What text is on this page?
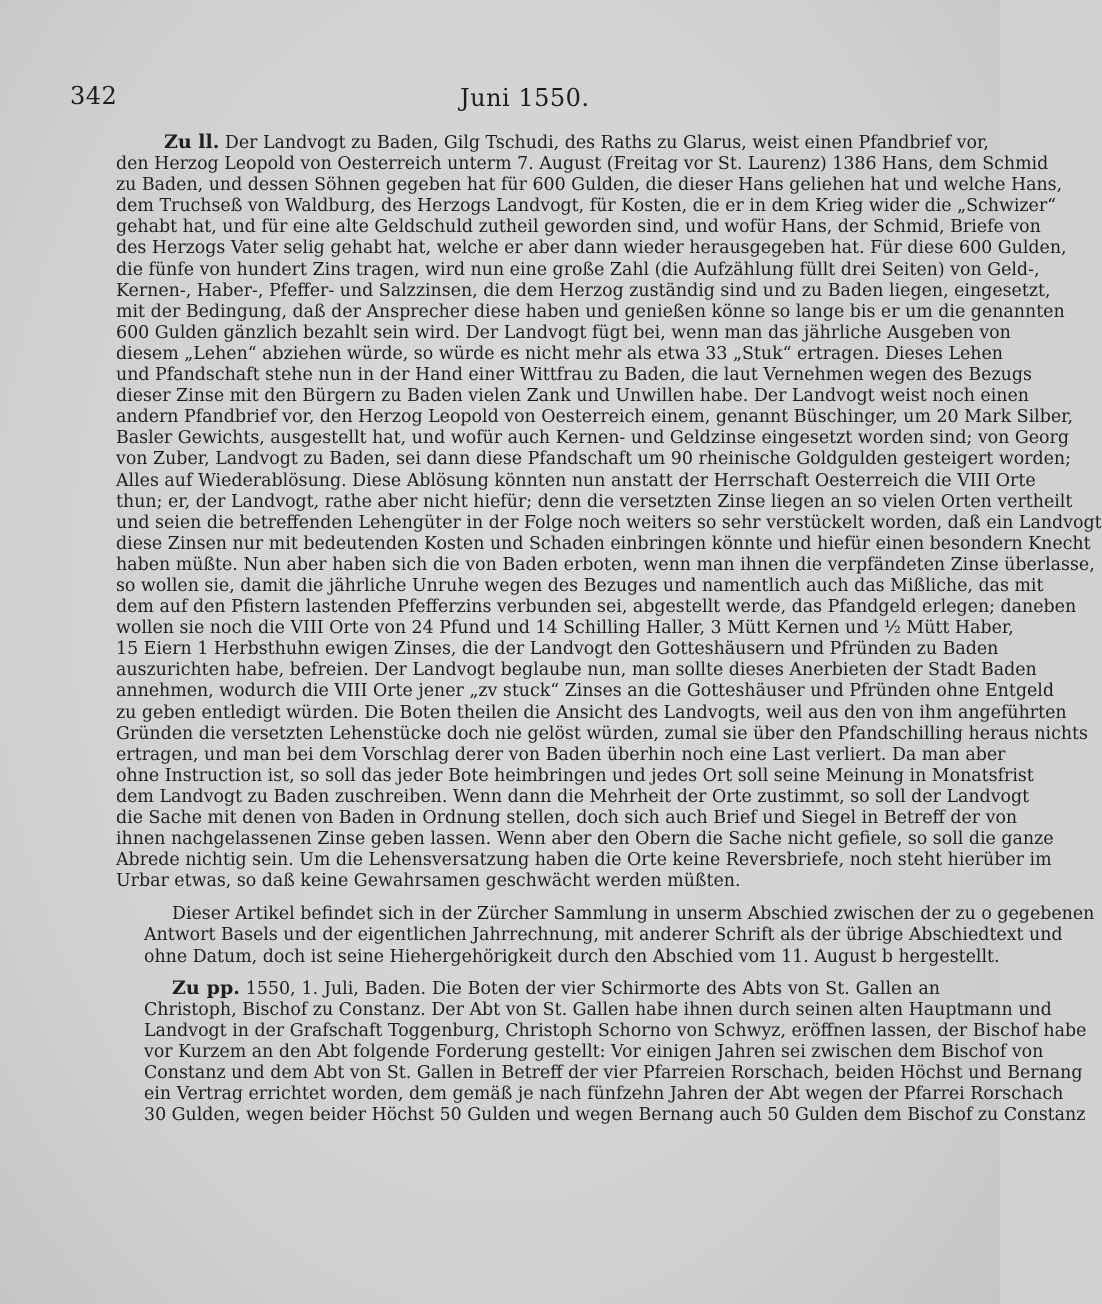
342	Juni 1550.
Zu ll. Der Landvogt zu Baden, Gilg Tschudi, des Raths zu Glarus, weist einen Pfandbrief vor,
den Herzog Leopold von Oesterreich unterm 7. August (Freitag vor St. Laurenz) 1386 Hans, dem Schmid
zu Baden, und dessen Söhnen gegeben hat für 600 Gulden, die dieser Hans geliehen hat und welche Hans,
dem Truchseß von Waldburg, des Herzogs Landvogt, für Kosten, die er in dem Krieg wider die „Schwizer“
gehabt hat, und für eine alte Geldschuld zutheil geworden sind, und wofür Hans, der Schmid, Briefe von
des Herzogs Vater selig gehabt hat, welche er aber dann wieder herausgegeben hat. Für diese 600 Gulden,
die fünfe von hundert Zins tragen, wird nun eine große Zahl (die Aufzählung füllt drei Seiten) von Geld-,
Kernen-, Haber-, Pfeffer- und Salzzinsen, die dem Herzog zuständig sind und zu Baden liegen, eingesetzt,
mit der Bedingung, daß der Ansprecher diese haben und genießen könne so lange bis er um die genannten
600 Gulden gänzlich bezahlt sein wird. Der Landvogt fügt bei, wenn man das jährliche Ausgeben von
diesem „Lehen“ abziehen würde, so würde es nicht mehr als etwa 33 „Stuk“ ertragen. Dieses Lehen
und Pfandschaft stehe nun in der Hand einer Wittfrau zu Baden, die laut Vernehmen wegen des Bezugs
dieser Zinse mit den Bürgern zu Baden vielen Zank und Unwillen habe. Der Landvogt weist noch einen
andern Pfandbrief vor, den Herzog Leopold von Oesterreich einem, genannt Büschinger, um 20 Mark Silber,
Basler Gewichts, ausgestellt hat, und wofür auch Kernen- und Geldzinse eingesetzt worden sind; von Georg
von Zuber, Landvogt zu Baden, sei dann diese Pfandschaft um 90 rheinische Goldgulden gesteigert worden;
Alles auf Wiederablösung. Diese Ablösung könnten nun anstatt der Herrschaft Oesterreich die VIII Orte
thun; er, der Landvogt, rathe aber nicht hiefür; denn die versetzten Zinse liegen an so vielen Orten vertheilt
und seien die betreffenden Lehengüter in der Folge noch weiters so sehr verstückelt worden, daß ein Landvogt
diese Zinsen nur mit bedeutenden Kosten und Schaden einbringen könnte und hiefür einen besondern Knecht
haben müßte. Nun aber haben sich die von Baden erboten, wenn man ihnen die verpfändeten Zinse überlasse,
so wollen sie, damit die jährliche Unruhe wegen des Bezuges und namentlich auch das Mißliche, das mit
dem auf den Pfistern lastenden Pfefferzins verbunden sei, abgestellt werde, das Pfandgeld erlegen; daneben
wollen sie noch die VIII Orte von 24 Pfund und 14 Schilling Haller, 3 Mütt Kernen und ½ Mütt Haber,
15 Eiern 1 Herbsthuhn ewigen Zinses, die der Landvogt den Gotteshäusern und Pfründen zu Baden
auszurichten habe, befreien. Der Landvogt beglaube nun, man sollte dieses Anerbieten der Stadt Baden
annehmen, wodurch die VIII Orte jener „zv stuck“ Zinses an die Gotteshäuser und Pfründen ohne Entgeld
zu geben entledigt würden. Die Boten theilen die Ansicht des Landvogts, weil aus den von ihm angeführten
Gründen die versetzten Lehenstücke doch nie gelöst würden, zumal sie über den Pfandschilling heraus nichts
ertragen, und man bei dem Vorschlag derer von Baden überhin noch eine Last verliert. Da man aber
ohne Instruction ist, so soll das jeder Bote heimbringen und jedes Ort soll seine Meinung in Monatsfrist
dem Landvogt zu Baden zuschreiben. Wenn dann die Mehrheit der Orte zustimmt, so soll der Landvogt
die Sache mit denen von Baden in Ordnung stellen, doch sich auch Brief und Siegel in Betreff der von
ihnen nachgelassenen Zinse geben lassen. Wenn aber den Obern die Sache nicht gefiele, so soll die ganze
Abrede nichtig sein. Um die Lehensversatzung haben die Orte keine Reversbriefe, noch steht hierüber im
Urbar etwas, so daß keine Gewahrsamen geschwächt werden müßten.
Dieser Artikel befindet sich in der Zürcher Sammlung in unserm Abschied zwischen der zu o gegebenen
Antwort Basels und der eigentlichen Jahrrechnung, mit anderer Schrift als der übrige Abschiedtext und
ohne Datum, doch ist seine Hiehergehörigkeit durch den Abschied vom 11. August b hergestellt.
Zu pp. 1550, 1. Juli, Baden. Die Boten der vier Schirmorte des Abts von St. Gallen an
Christoph, Bischof zu Constanz. Der Abt von St. Gallen habe ihnen durch seinen alten Hauptmann und
Landvogt in der Grafschaft Toggenburg, Christoph Schorno von Schwyz, eröffnen lassen, der Bischof habe
vor Kurzem an den Abt folgende Forderung gestellt: Vor einigen Jahren sei zwischen dem Bischof von
Constanz und dem Abt von St. Gallen in Betreff der vier Pfarreien Rorschach, beiden Höchst und Bernang
ein Vertrag errichtet worden, dem gemäß je nach fünfzehn Jahren der Abt wegen der Pfarrei Rorschach
30 Gulden, wegen beider Höchst 50 Gulden und wegen Bernang auch 50 Gulden dem Bischof zu Constanz
